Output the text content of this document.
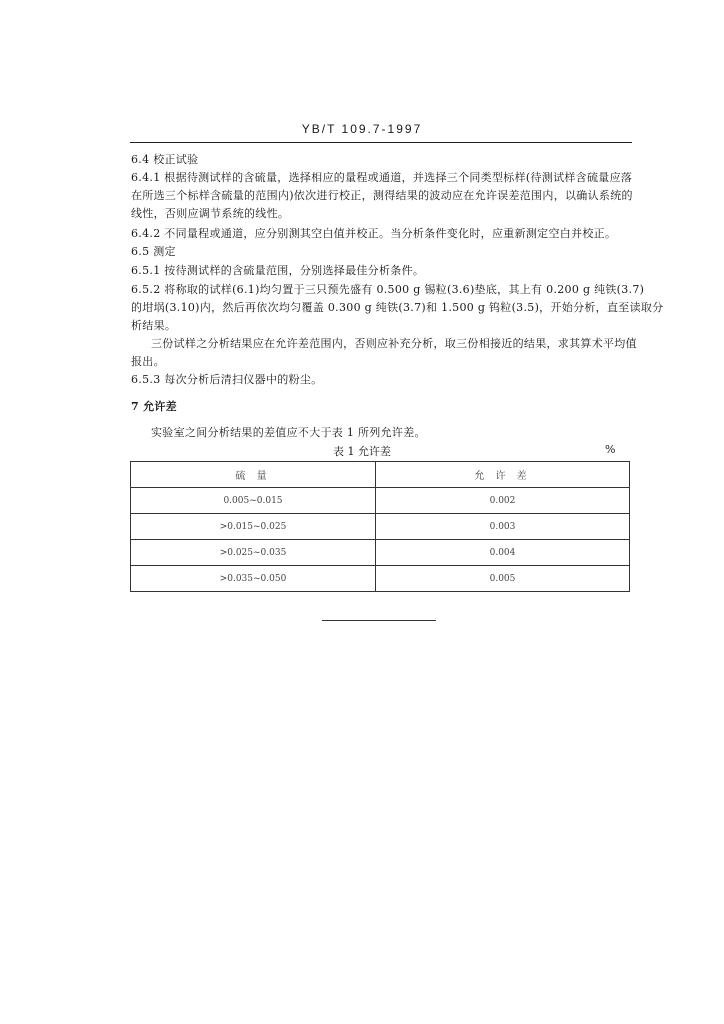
YB/T 109.7-1997
6.4 校正试验
6.4.1 根据待测试样的含硫量，选择相应的量程或通道，并选择三个同类型标样(待测试样含硫量应落
在所选三个标样含硫量的范围内)依次进行校正，测得结果的波动应在允许误差范围内，以确认系统的
线性，否则应调节系统的线性。
6.4.2 不同量程或通道，应分别测其空白值并校正。当分析条件变化时，应重新测定空白并校正。
6.5 测定
6.5.1 按待测试样的含硫量范围，分别选择最佳分析条件。
6.5.2 将称取的试样(6.1)均匀置于三只预先盛有 0.500 g 锡粒(3.6)垫底，其上有 0.200 g 纯铁(3.7)
的坩埚(3.10)内，然后再依次均匀覆盖 0.300 g 纯铁(3.7)和 1.500 g 钨粒(3.5)，开始分析，直至读取分
析结果。
三份试样之分析结果应在允许差范围内，否则应补充分析，取三份相接近的结果，求其算术平均值
报出。
6.5.3 每次分析后清扫仪器中的粉尘。
7 允许差
实验室之间分析结果的差值应不大于表 1 所列允许差。
表 1 允许差	%
硫 量	允 许 差
0.005~0.015	0.002
>0.015~0.025	0.003
>0.025~0.035	0.004
>0.035~0.050	0.005
